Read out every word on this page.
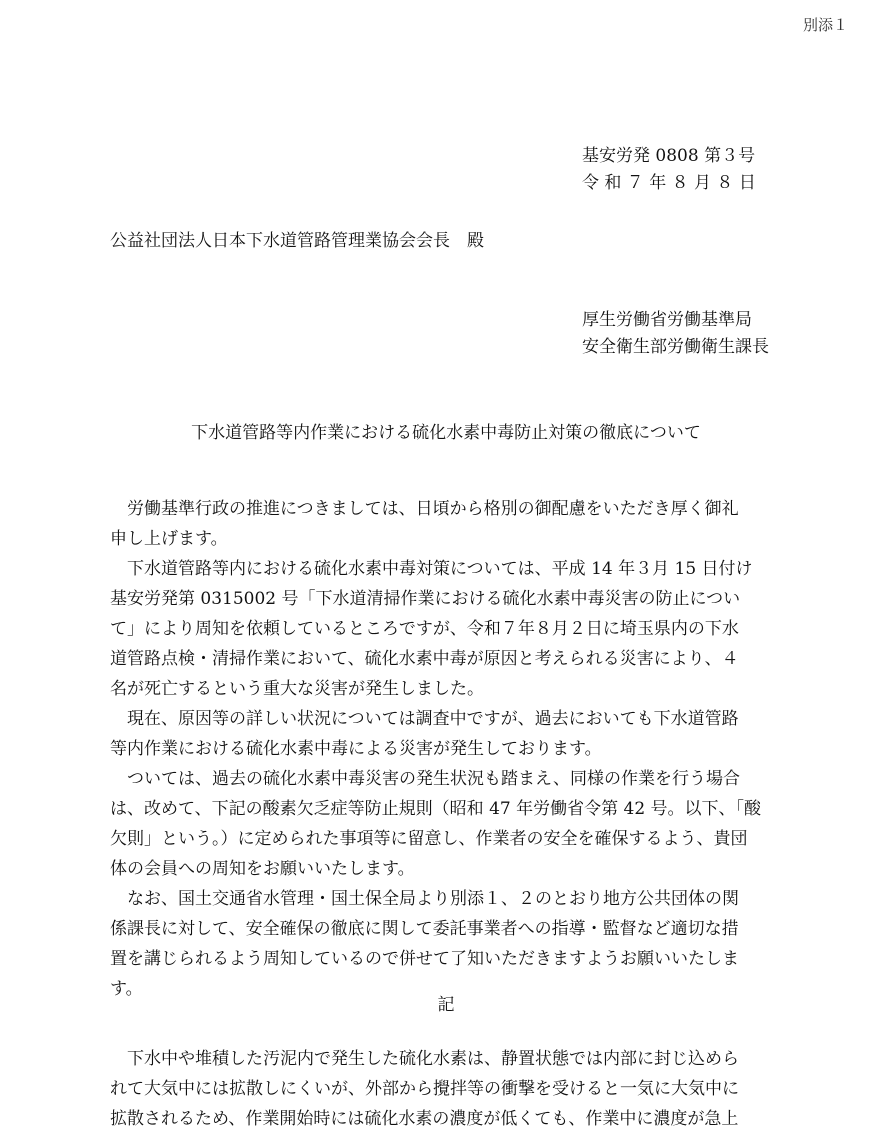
別添１
基安労発 0808 第３号
令 和 ７ 年 ８ 月 ８ 日
公益社団法人日本下水道管路管理業協会会長　殿
厚生労働省労働基準局
安全衛生部労働衛生課長
下水道管路等内作業における硫化水素中毒防止対策の徹底について
　労働基準行政の推進につきましては、日頃から格別の御配慮をいただき厚く御礼
申し上げます。
　下水道管路等内における硫化水素中毒対策については、平成 14 年３月 15 日付け
基安労発第 0315002 号「下水道清掃作業における硫化水素中毒災害の防止につい
て」により周知を依頼しているところですが、令和７年８月２日に埼玉県内の下水
道管路点検・清掃作業において、硫化水素中毒が原因と考えられる災害により、４
名が死亡するという重大な災害が発生しました。
　現在、原因等の詳しい状況については調査中ですが、過去においても下水道管路
等内作業における硫化水素中毒による災害が発生しております。
　ついては、過去の硫化水素中毒災害の発生状況も踏まえ、同様の作業を行う場合
は、改めて、下記の酸素欠乏症等防止規則（昭和 47 年労働省令第 42 号。以下、「酸
欠則」という。）に定められた事項等に留意し、作業者の安全を確保するよう、貴団
体の会員への周知をお願いいたします。
　なお、国土交通省水管理・国土保全局より別添１、２のとおり地方公共団体の関
係課長に対して、安全確保の徹底に関して委託事業者への指導・監督など適切な措
置を講じられるよう周知しているので併せて了知いただきますようお願いいたしま
す。
記
　下水中や堆積した汚泥内で発生した硫化水素は、静置状態では内部に封じ込めら
れて大気中には拡散しにくいが、外部から攪拌等の衝撃を受けると一気に大気中に
拡散されるため、作業開始時には硫化水素の濃度が低くても、作業中に濃度が急上
